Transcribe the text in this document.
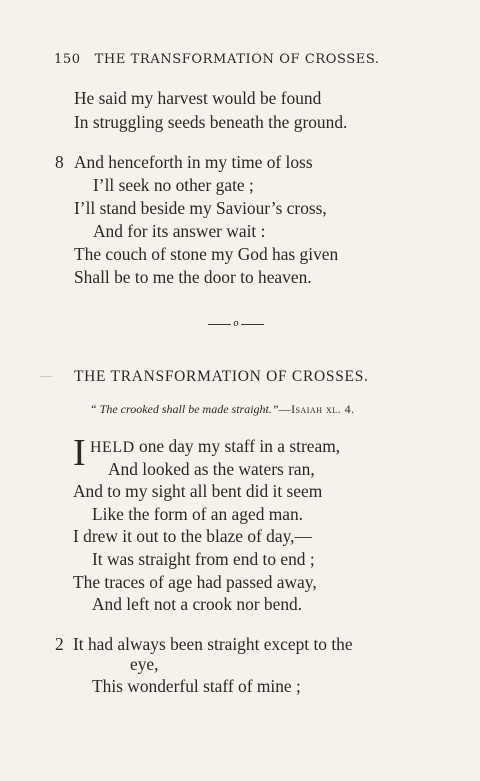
150 THE TRANSFORMATION OF CROSSES.
He said my harvest would be found
In struggling seeds beneath the ground.
8 And henceforth in my time of loss
I’ll seek no other gate ;
I’ll stand beside my Saviour’s cross,
And for its answer wait :
The couch of stone my God has given
Shall be to me the door to heaven.
o
THE TRANSFORMATION OF CROSSES.
“ The crooked shall be made straight.”—Isaiah xl. 4.
I HELD one day my staff in a stream,
And looked as the waters ran,
And to my sight all bent did it seem
Like the form of an aged man.
I drew it out to the blaze of day,—
It was straight from end to end ;
The traces of age had passed away,
And left not a crook nor bend.
2 It had always been straight except to the
eye,
This wonderful staff of mine ;
